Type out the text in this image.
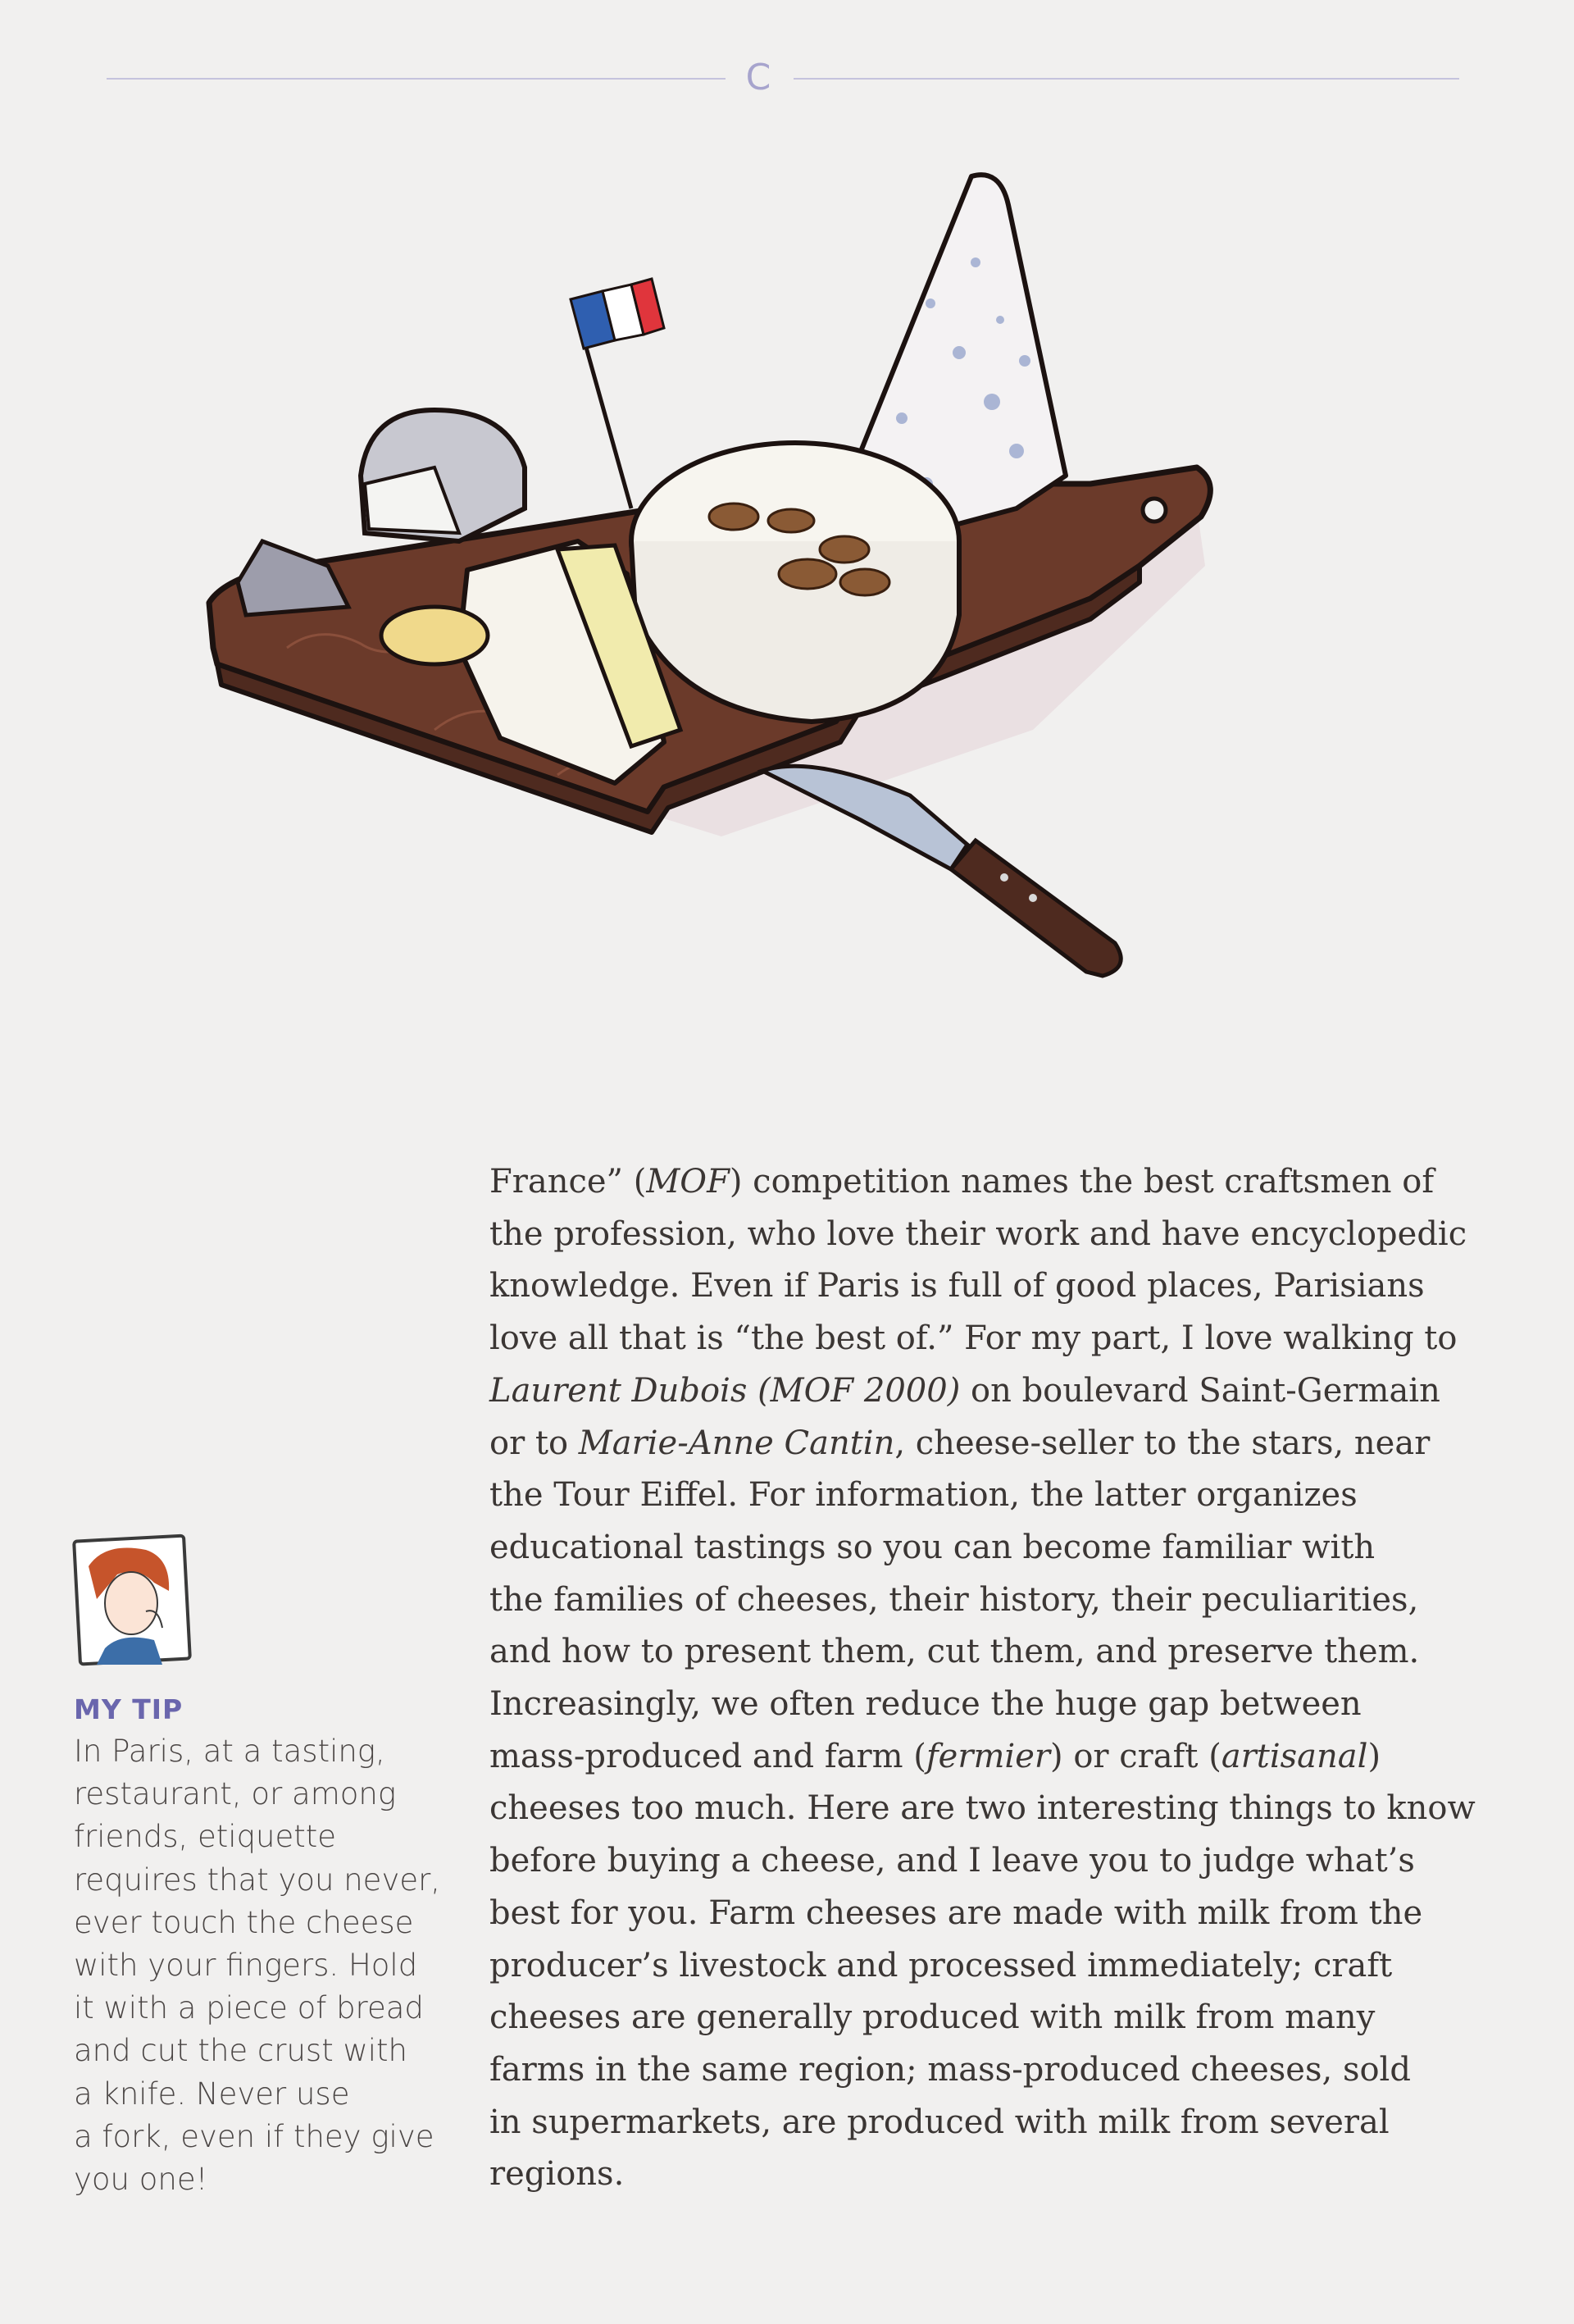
C
France” (MOF) competition names the best craftsmen of
the profession, who love their work and have encyclopedic
knowledge. Even if Paris is full of good places, Parisians
love all that is “the best of.” For my part, I love walking to
Laurent Dubois (MOF 2000) on boulevard Saint-Germain
or to Marie-Anne Cantin, cheese-seller to the stars, near
the Tour Eiffel. For information, the latter organizes
educational tastings so you can become familiar with
the families of cheeses, their history, their peculiarities,
and how to present them, cut them, and preserve them.
Increasingly, we often reduce the huge gap between
mass-produced and farm (fermier) or craft (artisanal)
cheeses too much. Here are two interesting things to know
before buying a cheese, and I leave you to judge what’s
best for you. Farm cheeses are made with milk from the
producer’s livestock and processed immediately; craft
cheeses are generally produced with milk from many
farms in the same region; mass-produced cheeses, sold
in supermarkets, are produced with milk from several
regions.
MY TIP
In Paris, at a tasting,
restaurant, or among
friends, etiquette
requires that you never,
ever touch the cheese
with your fingers. Hold
it with a piece of bread
and cut the crust with
a knife. Never use
a fork, even if they give
you one!
